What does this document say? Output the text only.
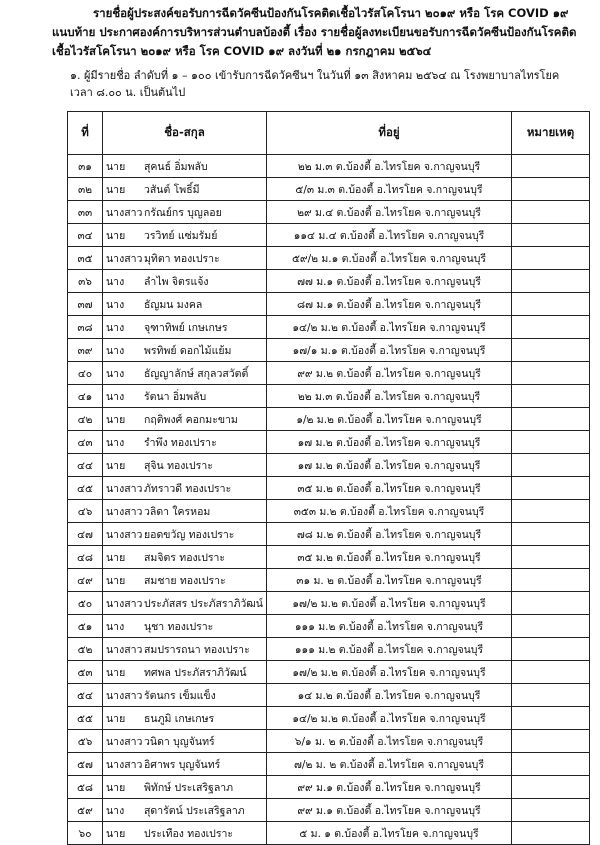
รายชื่อผู้ประสงค์ขอรับการฉีดวัคซีนป้องกันโรคติดเชื้อไวรัสโคโรนา ๒๐๑๙ หรือ โรค COVID ๑๙
แนบท้าย ประกาศองค์การบริหารส่วนตำบลบ้องตี้ เรื่อง รายชื่อผู้ลงทะเบียนขอรับการฉีดวัคซีนป้องกันโรคติด
เชื้อไวรัสโคโรนา ๒๐๑๙ หรือ โรค COVID ๑๙ ลงวันที่ ๒๑ กรกฎาคม ๒๕๖๔
๑. ผู้มีรายชื่อ ลำดับที่ ๑ – ๑๐๐ เข้ารับการฉีดวัคซีนฯ ในวันที่ ๑๓ สิงหาคม ๒๕๖๔ ณ โรงพยาบาลไทรโยค
เวลา ๘.๐๐ น. เป็นต้นไป
ที่	ชื่อ-สกุล	ที่อยู่	หมายเหตุ
๓๑	นาย สุคนธ์ อิ่มพลับ	๒๒ ม.๓ ต.บ้องตี้ อ.ไทรโยค จ.กาญจนบุรี	
๓๒	นาย วสันต์ โพธิ์มี	๕/๓ ม.๓ ต.บ้องตี้ อ.ไทรโยค จ.กาญจนบุรี	
๓๓	นางสาว กรัณย์กร บุญลอย	๒๙ ม.๔ ต.บ้องตี้ อ.ไทรโยค จ.กาญจนบุรี	
๓๔	นาย วรวิทย์ แซ่มรัมย์	๑๑๔ ม.๔ ต.บ้องตี้ อ.ไทรโยค จ.กาญจนบุรี	
๓๕	นางสาว มุทิตา ทองเปราะ	๕๙/๒ ม.๑ ต.บ้องตี้ อ.ไทรโยค จ.กาญจนบุรี	
๓๖	นาง ลำไพ จิตรแจ้ง	๗๗ ม.๑ ต.บ้องตี้ อ.ไทรโยค จ.กาญจนบุรี	
๓๗	นาง ธัญมน มงคล	๘๗ ม.๑ ต.บ้องตี้ อ.ไทรโยค จ.กาญจนบุรี	
๓๘	นาง จุฑาทิพย์ เกษเกษร	๑๔/๒ ม.๒ ต.บ้องตี้ อ.ไทรโยค จ.กาญจนบุรี	
๓๙	นาง พรทิพย์ ดอกไม้แย้ม	๑๗/๑ ม.๑ ต.บ้องตี้ อ.ไทรโยค จ.กาญจนบุรี	
๔๐	นาง ธัญญาลักษ์ สกุลวสวัตติ์	๙๙ ม.๒ ต.บ้องตี้ อ.ไทรโยค จ.กาญจนบุรี	
๔๑	นาง รัตนา อิ่มพลับ	๒๒ ม.๓ ต.บ้องตี้ อ.ไทรโยค จ.กาญจนบุรี	
๔๒	นาย กฤติพงศ์ คอกมะขาม	๑/๒ ม.๒ ต.บ้องตี้ อ.ไทรโยค จ.กาญจนบุรี	
๔๓	นาง รำพึง ทองเปราะ	๑๗ ม.๒ ต.บ้องตี้ อ.ไทรโยค จ.กาญจนบุรี	
๔๔	นาย สุจิน ทองเปราะ	๑๗ ม.๒ ต.บ้องตี้ อ.ไทรโยค จ.กาญจนบุรี	
๔๕	นางสาว ภัทราวดี ทองเปราะ	๓๕ ม.๒ ต.บ้องตี้ อ.ไทรโยค จ.กาญจนบุรี	
๔๖	นางสาว วลิดา ใครหอม	๓๕๓ ม.๒ ต.บ้องตี้ อ.ไทรโยค จ.กาญจนบุรี	
๔๗	นางสาว ยอดขวัญ ทองเปราะ	๗๘ ม.๒ ต.บ้องตี้ อ.ไทรโยค จ.กาญจนบุรี	
๔๘	นาย สมจิตร ทองเปราะ	๓๕ ม.๒ ต.บ้องตี้ อ.ไทรโยค จ.กาญจนบุรี	
๔๙	นาย สมชาย ทองเปราะ	๓๑ ม. ๒ ต.บ้องตี้ อ.ไทรโยค จ.กาญจนบุรี	
๕๐	นางสาว ประภัสสร ประภัสราภิวัฒน์	๑๗/๒ ม.๒ ต.บ้องตี้ อ.ไทรโยค จ.กาญจนบุรี	
๕๑	นาง นุชา ทองเปราะ	๑๑๑ ม.๒ ต.บ้องตี้ อ.ไทรโยค จ.กาญจนบุรี	
๕๒	นางสาว สมปรารถนา ทองเปราะ	๑๑๑ ม.๒ ต.บ้องตี้ อ.ไทรโยค จ.กาญจนบุรี	
๕๓	นาย ทศพล ประภัสราภิวัฒน์	๑๗/๒ ม.๒ ต.บ้องตี้ อ.ไทรโยค จ.กาญจนบุรี	
๕๔	นางสาว รัตนกร เข็มแข็ง	๑๔ ม.๒ ต.บ้องตี้ อ.ไทรโยค จ.กาญจนบุรี	
๕๕	นาย ธนภูมิ เกษเกษร	๑๔/๒ ม.๒ ต.บ้องตี้ อ.ไทรโยค จ.กาญจนบุรี	
๕๖	นางสาว วนิดา บุญจันทร์	๖/๑ ม. ๒ ต.บ้องตี้ อ.ไทรโยค จ.กาญจนบุรี	
๕๗	นางสาว อิศาพร บุญจันทร์	๗/๒ ม. ๒ ต.บ้องตี้ อ.ไทรโยค จ.กาญจนบุรี	
๕๘	นาย พิทักษ์ ประเสริฐลาภ	๙๙ ม.๑ ต.บ้องตี้ อ.ไทรโยค จ.กาญจนบุรี	
๕๙	นาง สุดารัตน์ ประเสริฐลาภ	๙๙ ม.๑ ต.บ้องตี้ อ.ไทรโยค จ.กาญจนบุรี	
๖๐	นาย ประเทือง ทองเปราะ	๕ ม. ๑ ต.บ้องตี้ อ.ไทรโยค จ.กาญจนบุรี	
